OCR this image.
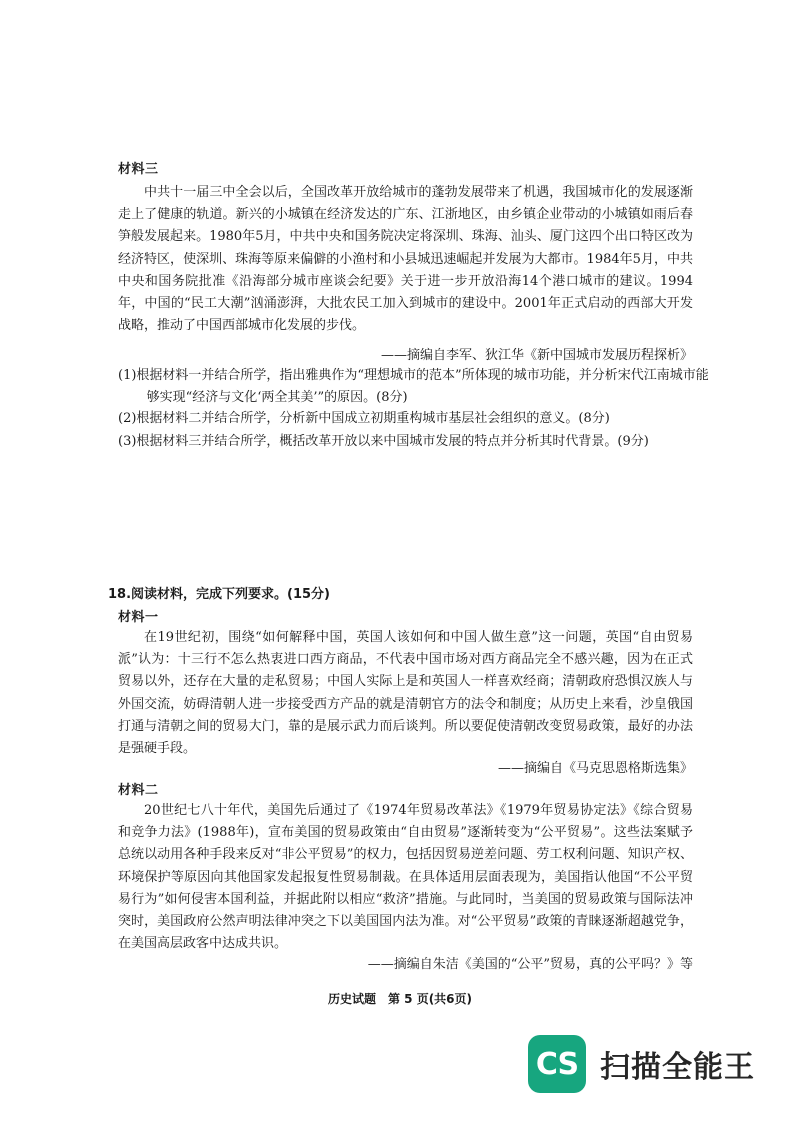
材料三

中共十一届三中全会以后，全国改革开放给城市的蓬勃发展带来了机遇，我国城市化的发展逐渐走上了健康的轨道。新兴的小城镇在经济发达的广东、江浙地区，由乡镇企业带动的小城镇如雨后春笋般发展起来。1980年5月，中共中央和国务院决定将深圳、珠海、汕头、厦门这四个出口特区改为经济特区，使深圳、珠海等原来偏僻的小渔村和小县城迅速崛起并发展为大都市。1984年5月，中共中央和国务院批准《沿海部分城市座谈会纪要》关于进一步开放沿海14个港口城市的建议。1994年，中国的“民工大潮”汹涌澎湃，大批农民工加入到城市的建设中。2001年正式启动的西部大开发战略，推动了中国西部城市化发展的步伐。

——摘编自李军、狄江华《新中国城市发展历程探析》

(1)根据材料一并结合所学，指出雅典作为“理想城市的范本”所体现的城市功能，并分析宋代江南城市能够实现“经济与文化‘两全其美’”的原因。(8分)

(2)根据材料二并结合所学，分析新中国成立初期重构城市基层社会组织的意义。(8分)

(3)根据材料三并结合所学，概括改革开放以来中国城市发展的特点并分析其时代背景。(9分)

18.阅读材料，完成下列要求。(15分)
材料一

在19世纪初，围绕“如何解释中国，英国人该如何和中国人做生意”这一问题，英国“自由贸易派”认为：十三行不怎么热衷进口西方商品，不代表中国市场对西方商品完全不感兴趣，因为在正式贸易以外，还存在大量的走私贸易；中国人实际上是和英国人一样喜欢经商；清朝政府恐惧汉族人与外国交流，妨碍清朝人进一步接受西方产品的就是清朝官方的法令和制度；从历史上来看，沙皇俄国打通与清朝之间的贸易大门，靠的是展示武力而后谈判。所以要促使清朝改变贸易政策，最好的办法是强硬手段。

——摘编自《马克思恩格斯选集》
材料二

20世纪七八十年代，美国先后通过了《1974年贸易改革法》《1979年贸易协定法》《综合贸易和竞争力法》(1988年)，宣布美国的贸易政策由“自由贸易”逐渐转变为“公平贸易”。这些法案赋予总统以动用各种手段来反对“非公平贸易”的权力，包括因贸易逆差问题、劳工权利问题、知识产权、环境保护等原因向其他国家发起报复性贸易制裁。在具体适用层面表现为，美国指认他国“不公平贸易行为”如何侵害本国利益，并据此附以相应“救济”措施。与此同时，当美国的贸易政策与国际法冲突时，美国政府公然声明法律冲突之下以美国国内法为准。对“公平贸易”政策的青睐逐渐超越党争，在美国高层政客中达成共识。

——摘编自朱洁《美国的“公平”贸易，真的公平吗？》等
历史试题　第 5 页(共6页)
CS 扫描全能王
